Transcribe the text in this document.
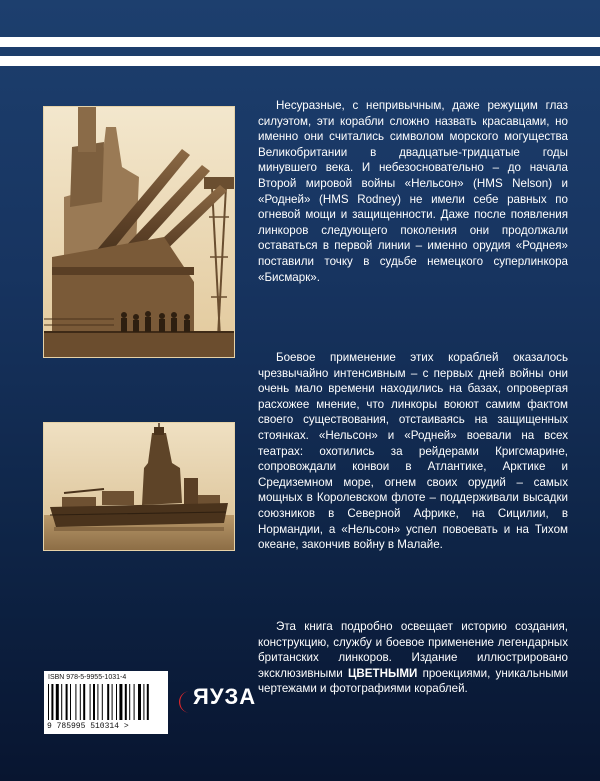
Несуразные, с непривычным, даже режущим глаз силуэтом, эти корабли сложно назвать красавцами, но именно они считались символом морского могущества Великобритании в двадцатые-тридцатые годы минувшего века. И небезосновательно – до начала Второй мировой войны «Нельсон» (HMS Nelson) и «Родней» (HMS Rodney) не имели себе равных по огневой мощи и защищенности. Даже после появления линкоров следующего поколения они продолжали оставаться в первой линии – именно орудия «Роднея» поставили точку в судьбе немецкого суперлинкора «Бисмарк».

Боевое применение этих кораблей оказалось чрезвычайно интенсивным – с первых дней войны они очень мало времени находились на базах, опровергая расхожее мнение, что линкоры воюют самим фактом своего существования, отстаиваясь на защищенных стоянках. «Нельсон» и «Родней» воевали на всех театрах: охотились за рейдерами Кригсмарине, сопровождали конвои в Атлантике, Арктике и Средиземном море, огнем своих орудий – самых мощных в Королевском флоте – поддерживали высадки союзников в Северной Африке, на Сицилии, в Нормандии, а «Нельсон» успел повоевать и на Тихом океане, закончив войну в Малайе.

Эта книга подробно освещает историю создания, конструкцию, службу и боевое применение легендарных британских линкоров. Издание иллюстрировано эксклюзивными ЦВЕТНЫМИ проекциями, уникальными чертежами и фотографиями кораблей.

ISBN 978-5-9955-1031-4
9 785995 510314 >
ЯУЗА
